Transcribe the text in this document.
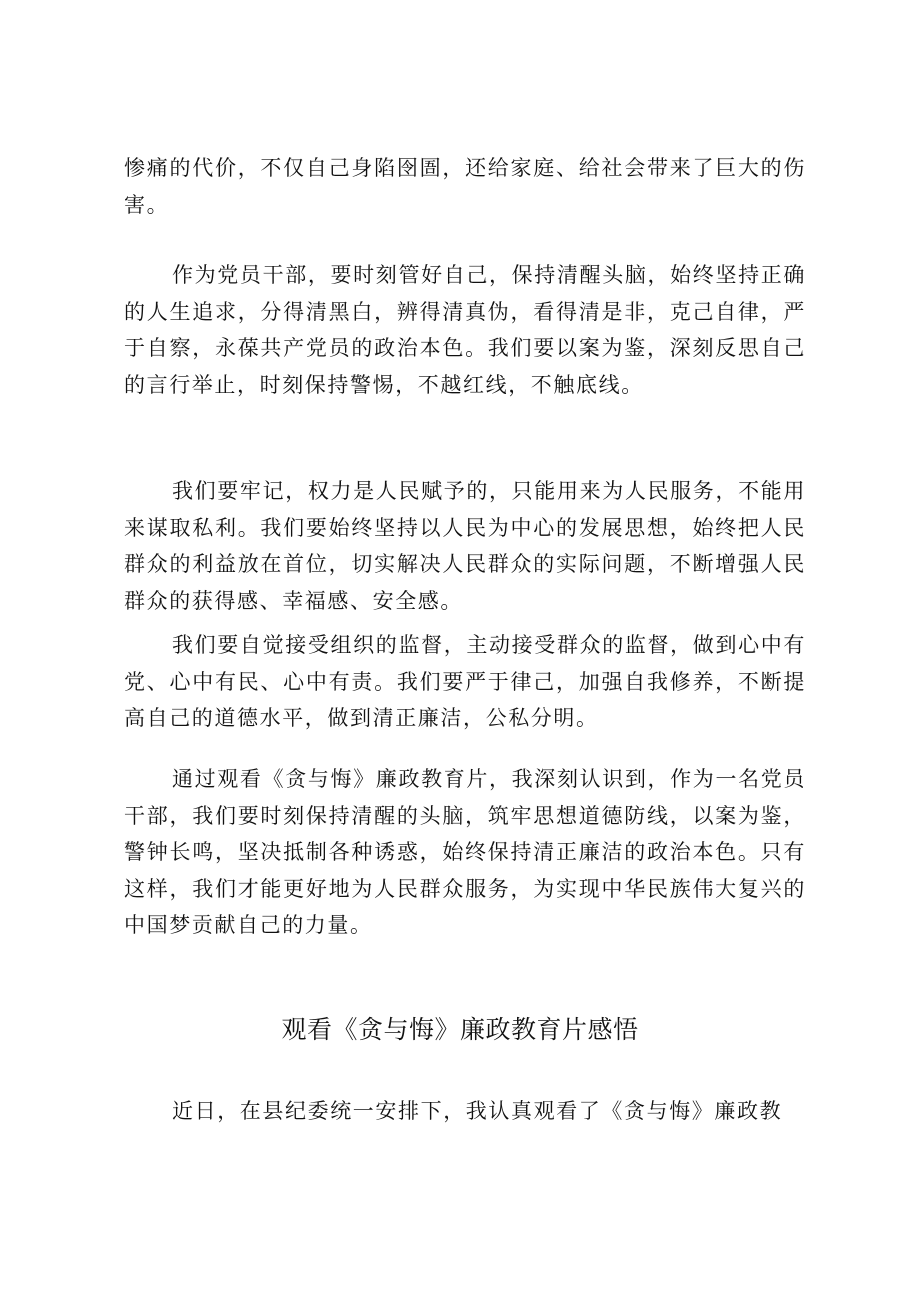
惨痛的代价，不仅自己身陷囹圄，还给家庭、给社会带来了巨大的伤害。

作为党员干部，要时刻管好自己，保持清醒头脑，始终坚持正确的人生追求，分得清黑白，辨得清真伪，看得清是非，克己自律，严于自察，永葆共产党员的政治本色。我们要以案为鉴，深刻反思自己的言行举止，时刻保持警惕，不越红线，不触底线。

我们要牢记，权力是人民赋予的，只能用来为人民服务，不能用来谋取私利。我们要始终坚持以人民为中心的发展思想，始终把人民群众的利益放在首位，切实解决人民群众的实际问题，不断增强人民群众的获得感、幸福感、安全感。

我们要自觉接受组织的监督，主动接受群众的监督，做到心中有党、心中有民、心中有责。我们要严于律己，加强自我修养，不断提高自己的道德水平，做到清正廉洁，公私分明。

通过观看《贪与悔》廉政教育片，我深刻认识到，作为一名党员干部，我们要时刻保持清醒的头脑，筑牢思想道德防线，以案为鉴，警钟长鸣，坚决抵制各种诱惑，始终保持清正廉洁的政治本色。只有这样，我们才能更好地为人民群众服务，为实现中华民族伟大复兴的中国梦贡献自己的力量。

观看《贪与悔》廉政教育片感悟

近日，在县纪委统一安排下，我认真观看了《贪与悔》廉政教
